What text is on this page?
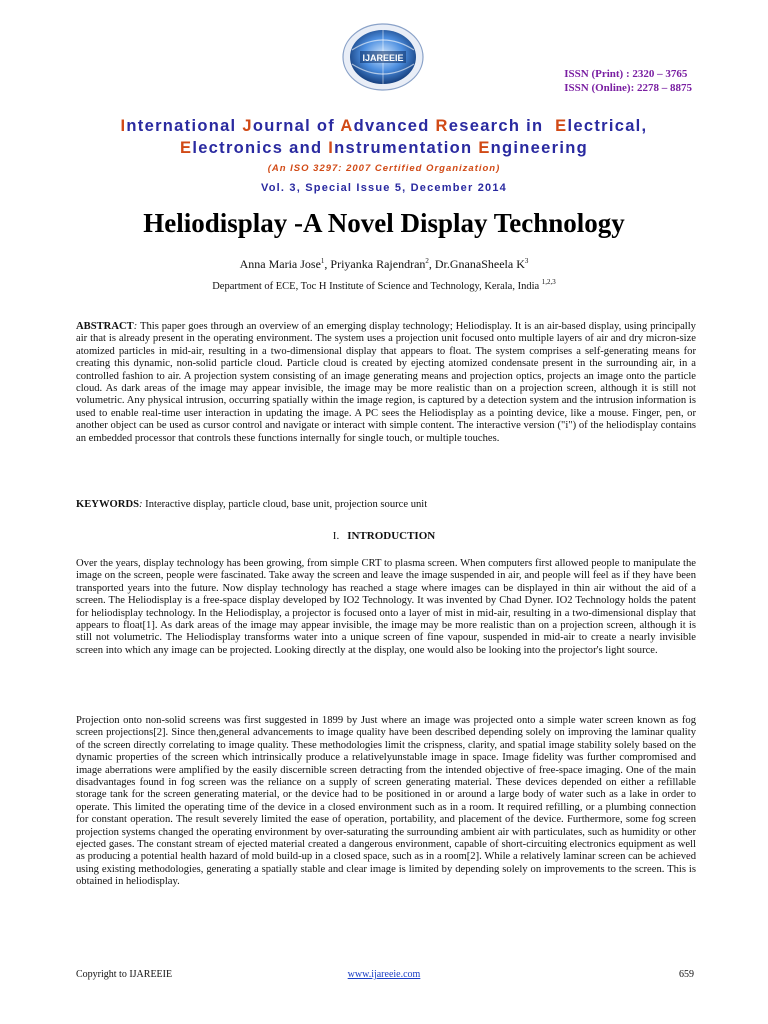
IJAREEIE
ISSN (Print) : 2320 – 3765
ISSN (Online): 2278 – 8875
International Journal of Advanced Research in  Electrical,
Electronics and Instrumentation Engineering
(An ISO 3297: 2007 Certified Organization)
Vol. 3, Special Issue 5, December 2014
Heliodisplay -A Novel Display Technology
Anna Maria Jose$^1$, Priyanka Rajendran$^2$, Dr.GnanaSheela $K^3$
Department of ECE, Toc H Institute of Science and Technology, Kerala, India $^{1,2,3}$
ABSTRACT: This paper goes through an overview of an emerging display technology; Heliodisplay. It is an air-based display, using principally air that is already present in the operating environment. The system uses a projection unit focused onto multiple layers of air and dry micron-size atomized particles in mid-air, resulting in a two-dimensional display that appears to float. The system comprises a self-generating means for creating this dynamic, non-solid particle cloud. Particle cloud is created by ejecting atomized condensate present in the surrounding air, in a controlled fashion to air. A projection system consisting of an image generating means and projection optics, projects an image onto the particle cloud. As dark areas of the image may appear invisible, the image may be more realistic than on a projection screen, although it is still not volumetric. Any physical intrusion, occurring spatially within the image region, is captured by a detection system and the intrusion information is used to enable real-time user interaction in updating the image. A PC sees the Heliodisplay as a pointing device, like a mouse. Finger, pen, or another object can be used as cursor control and navigate or interact with simple content. The interactive version ("i") of the heliodisplay contains an embedded processor that controls these functions internally for single touch, or multiple touches.
KEYWORDS: Interactive display, particle cloud, base unit, projection source unit
I. INTRODUCTION
Over the years, display technology has been growing, from simple CRT to plasma screen. When computers first allowed people to manipulate the image on the screen, people were fascinated. Take away the screen and leave the image suspended in air, and people will feel as if they have been transported years into the future. Now display technology has reached a stage where images can be displayed in thin air without the aid of a screen. The Heliodisplay is a free-space display developed by IO2 Technology. It was invented by Chad Dyner. IO2 Technology holds the patent for heliodisplay technology. In the Heliodisplay, a projector is focused onto a layer of mist in mid-air, resulting in a two-dimensional display that appears to float[1]. As dark areas of the image may appear invisible, the image may be more realistic than on a projection screen, although it is still not volumetric. The Heliodisplay transforms water into a unique screen of fine vapour, suspended in mid-air to create a nearly invisible screen into which any image can be projected. Looking directly at the display, one would also be looking into the projector's light source.
Projection onto non-solid screens was first suggested in 1899 by Just where an image was projected onto a simple water screen known as fog screen projections[2]. Since then,general advancements to image quality have been described depending solely on improving the laminar quality of the screen directly correlating to image quality. These methodologies limit the crispness, clarity, and spatial image stability solely based on the dynamic properties of the screen which intrinsically produce a relativelyunstable image in space. Image fidelity was further compromised and image aberrations were amplified by the easily discernible screen detracting from the intended objective of free-space imaging. One of the main disadvantages found in fog screen was the reliance on a supply of screen generating material. These devices depended on either a refillable storage tank for the screen generating material, or the device had to be positioned in or around a large body of water such as a lake in order to operate. This limited the operating time of the device in a closed environment such as in a room. It required refilling, or a plumbing connection for constant operation. The result severely limited the ease of operation, portability, and placement of the device. Furthermore, some fog screen projection systems changed the operating environment by over-saturating the surrounding ambient air with particulates, such as humidity or other ejected gases. The constant stream of ejected material created a dangerous environment, capable of short-circuiting electronics equipment as well as producing a potential health hazard of mold build-up in a closed space, such as in a room[2]. While a relatively laminar screen can be achieved using existing methodologies, generating a spatially stable and clear image is limited by depending solely on improvements to the screen. This is obtained in heliodisplay.
Copyright to IJAREEIE	www.ijareeie.com	659
